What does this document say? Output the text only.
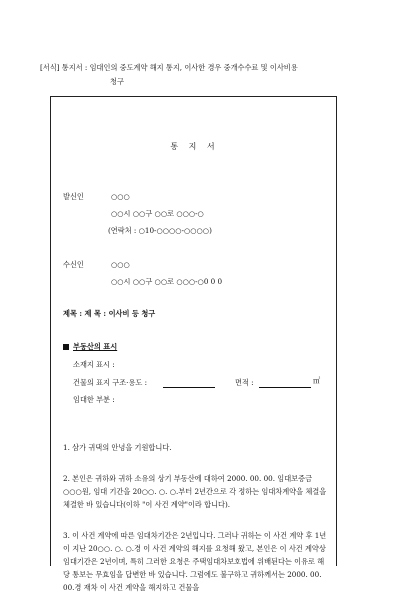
[서식] 통지서 : 임대인의 중도계약 해지 통지, 이사한 경우 중개수수료 및 이사비용
청구
통 지 서
발신인	○○○
○○시 ○○구 ○○로 ○○○-○
(연락처 : ○10-○○○○-○○○○)
수신인	○○○
○○시 ○○구 ○○로 ○○○-○0 0 0
제목 : 제 목 : 이사비 등 청구
부동산의 표시
소재지 표시 :
건물의 표지 구조·용도 :	면적 :	㎡
임대한 부분 :
1. 삼가 귀댁의 안녕을 기원합니다.
2. 본인은 귀하와 귀하 소유의 상기 부동산에 대하여 2000. 00. 00. 임대보증금 ○○○원, 임대 기간을 20○○. ○. ○.부터 2년간으로 각 정하는 임대차계약을 체결을 체결한 바 있습니다(이하 "이 사건 계약"이라 합니다).
3. 이 사건 계약에 따른 임대차기간은 2년입니다. 그러나 귀하는 이 사건 계약 후 1년이 지난 20○○. ○. ○.경 이 사건 계약의 해지를 요청해 왔고, 본인은 이 사건 계약상 임대기간은 2년이며, 특히 그러한 요청은 주택임대차보호법에 위배된다는 이유로 해당 통보는 무효임을 답변한 바 있습니다. 그럼에도 불구하고 귀하께서는 2000. 00. 00.경 재차 이 사건 계약을 해지하고 건물을
